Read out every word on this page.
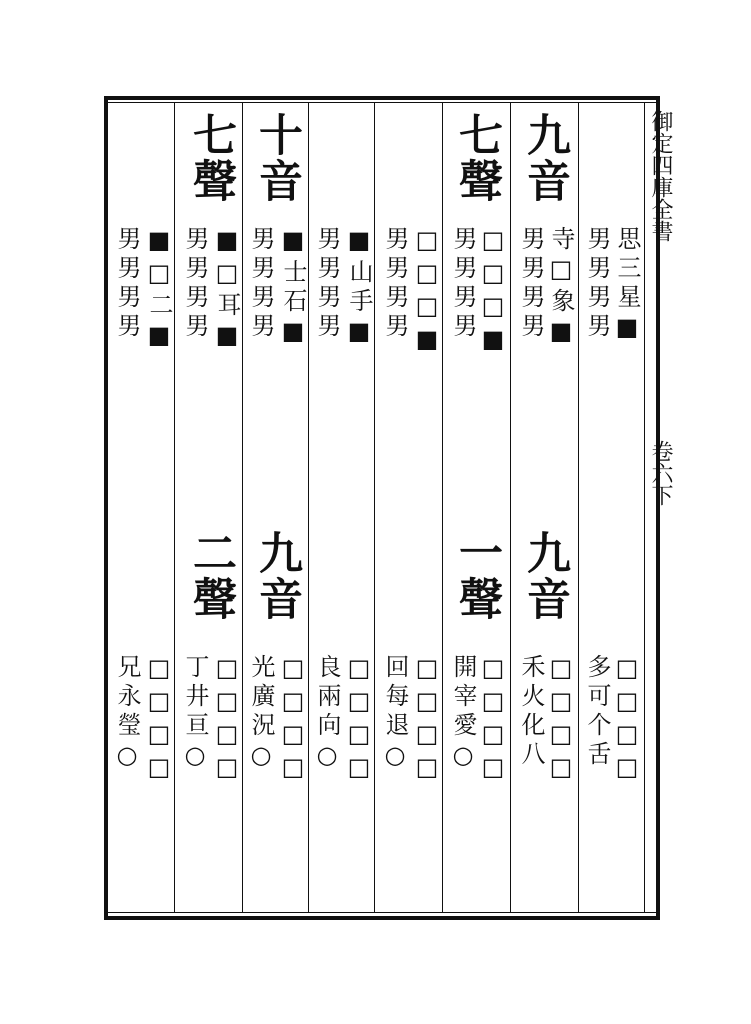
御定四庫全書
卷六下
思三星■
男男男男
多可个舌 □□□□
九音
寺□象■
男男男男
九音
禾火化八 □□□□
七聲
□□□■
男男男男
一聲
開宰愛○ □□□□
□□□■
男男男男
回每退○ □□□□
■山手■
男男男男
良兩向○ □□□□
十音
■士石■
男男男男
九音
光廣況○ □□□□
七聲
■□耳■
男男男男
二聲
丁井亘○ □□□□
■□二■
男男男男
兄永瑩○ □□□□
